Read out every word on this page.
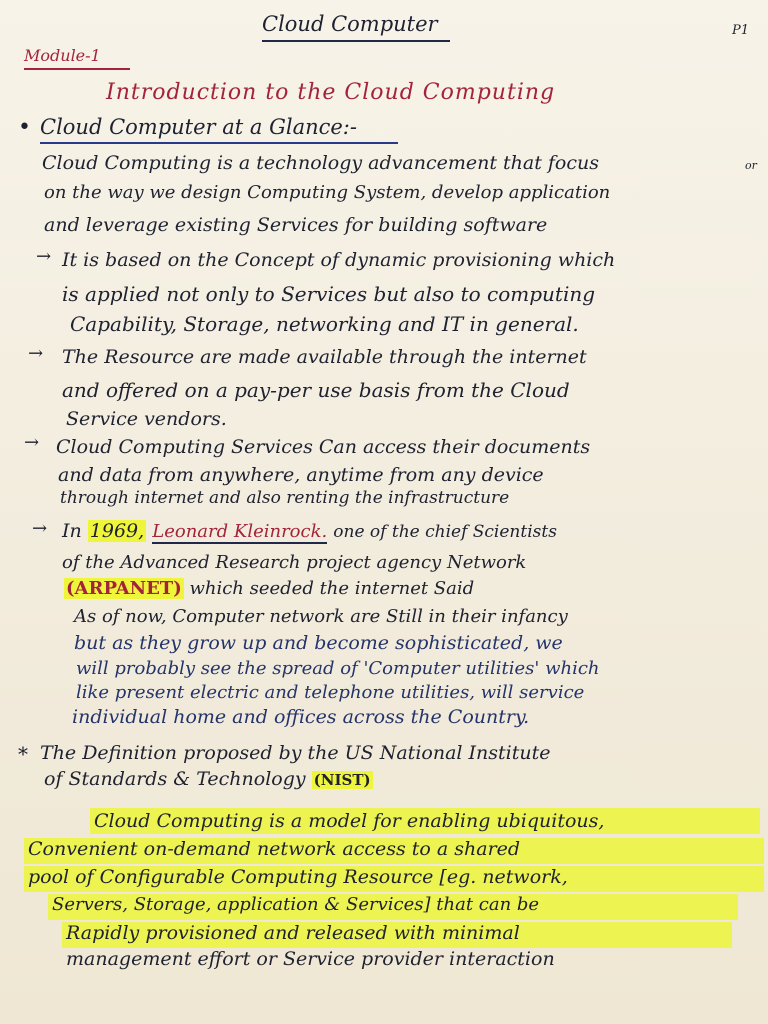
Cloud Computer	P1
Module-1
Introduction to the Cloud Computing
• Cloud Computer at a Glance:-
Cloud Computing is a technology advancement that focus	or
on the way we design Computing System, develop application
and leverage existing Services for building software
→ It is based on the Concept of dynamic provisioning which
is applied not only to Services but also to computing
Capability, Storage, networking and IT in general.
→ The Resource are made available through the internet
and offered on a pay-per use basis from the Cloud
Service vendors.
→ Cloud Computing Services Can access their documents
and data from anywhere, anytime from any device
through internet and also renting the infrastructure
→ In 1969, Leonard Kleinrock. one of the chief Scientists
of the Advanced Research project agency Network
(ARPANET) which seeded the internet Said
As of now, Computer network are Still in their infancy
but as they grow up and become sophisticated, we
will probably see the spread of 'Computer utilities' which
like present electric and telephone utilities, will service
individual home and offices across the Country.
* The Definition proposed by the US National Institute
of Standards & Technology (NIST)
Cloud Computing is a model for enabling ubiquitous,
Convenient on-demand network access to a shared
pool of Configurable Computing Resource [eg. network,
Servers, Storage, application & Services] that can be
Rapidly provisioned and released with minimal
management effort or Service provider interaction
